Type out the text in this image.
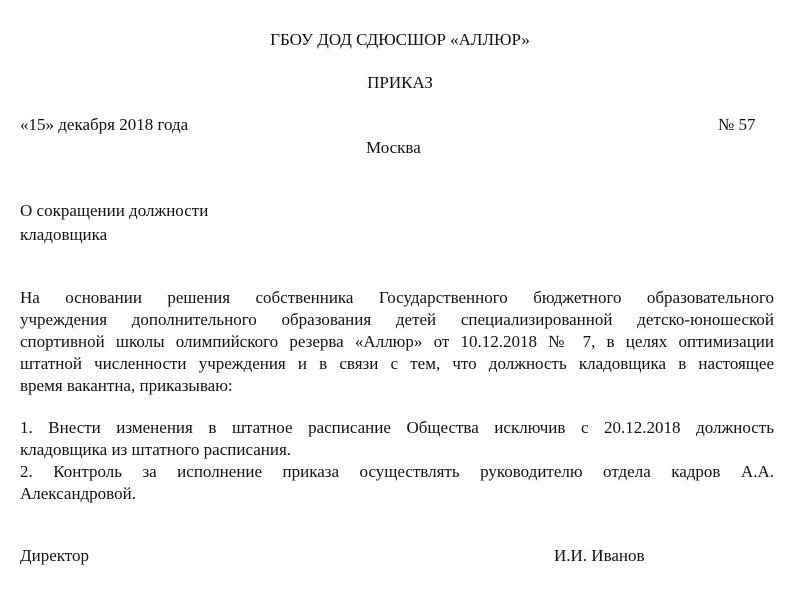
ГБОУ ДОД СДЮСШОР «АЛЛЮР»
ПРИКАЗ
«15» декабря 2018 года	№ 57
Москва
О сокращении должности
кладовщика
На основании решения собственника Государственного бюджетного образовательного
учреждения дополнительного образования детей специализированной детско-юношеской
спортивной школы олимпийского резерва «Аллюр» от 10.12.2018 № 7, в целях оптимизации
штатной численности учреждения и в связи с тем, что должность кладовщика в настоящее
время вакантна, приказываю:
1. Внести изменения в штатное расписание Общества исключив с 20.12.2018 должность
кладовщика из штатного расписания.
2. Контроль за исполнение приказа осуществлять руководителю отдела кадров А.А.
Александровой.
Директор	И.И. Иванов
